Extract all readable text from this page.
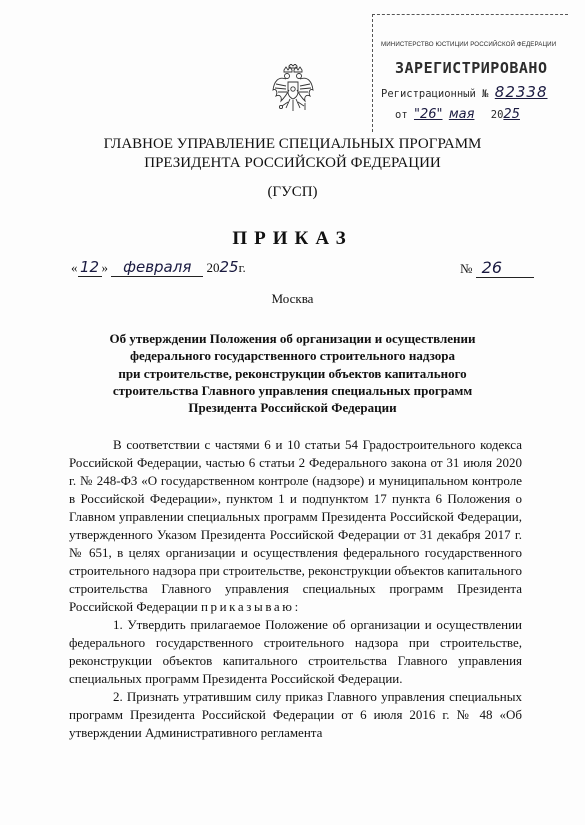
МИНИСТЕРСТВО ЮСТИЦИИ РОССИЙСКОЙ ФЕДЕРАЦИИ
ЗАРЕГИСТРИРОВАНО
Регистрационный № 82338
от "26" мая 2025
ГЛАВНОЕ УПРАВЛЕНИЕ СПЕЦИАЛЬНЫХ ПРОГРАММ
ПРЕЗИДЕНТА РОССИЙСКОЙ ФЕДЕРАЦИИ
(ГУСП)
ПРИКАЗ
« 12 » февраля 2025г.	№ 26
Москва
Об утверждении Положения об организации и осуществлении
федерального государственного строительного надзора
при строительстве, реконструкции объектов капитального
строительства Главного управления специальных программ
Президента Российской Федерации

В соответствии с частями 6 и 10 статьи 54 Градостроительного кодекса Российской Федерации, частью 6 статьи 2 Федерального закона от 31 июля 2020 г. № 248-ФЗ «О государственном контроле (надзоре) и муниципальном контроле в Российской Федерации», пунктом 1 и подпунктом 17 пункта 6 Положения о Главном управлении специальных программ Президента Российской Федерации, утвержденного Указом Президента Российской Федерации от 31 декабря 2017 г. № 651, в целях организации и осуществления федерального государственного строительного надзора при строительстве, реконструкции объектов капитального строительства Главного управления специальных программ Президента Российской Федерации приказываю:

1. Утвердить прилагаемое Положение об организации и осуществлении федерального государственного строительного надзора при строительстве, реконструкции объектов капитального строительства Главного управления специальных программ Президента Российской Федерации.

2. Признать утратившим силу приказ Главного управления специальных программ Президента Российской Федерации от 6 июля 2016 г. № 48 «Об утверждении Административного регламента
